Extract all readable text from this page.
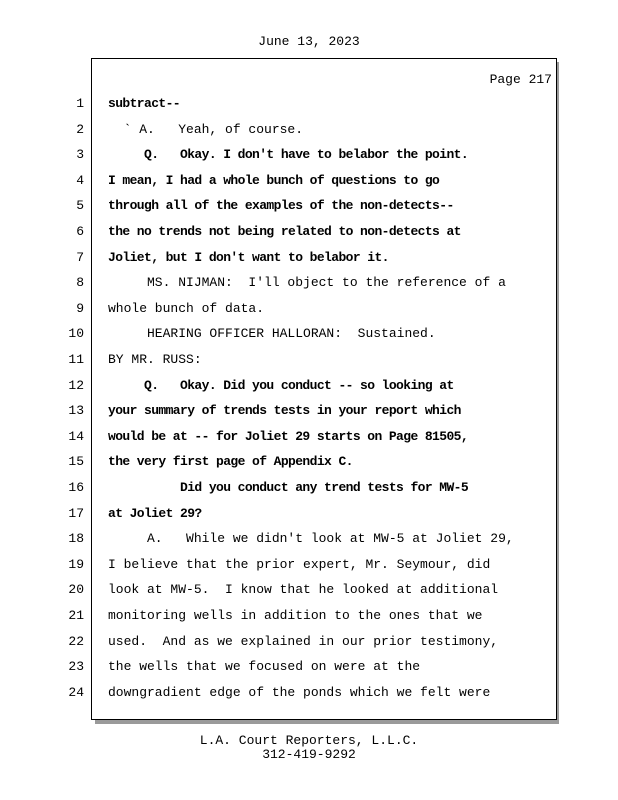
June 13, 2023
Page 217
1 subtract--
2 ` A.   Yeah, of course.
3 Q.   Okay. I don't have to belabor the point.
4 I mean, I had a whole bunch of questions to go
5 through all of the examples of the non-detects--
6 the no trends not being related to non-detects at
7 Joliet, but I don't want to belabor it.
8 MS. NIJMAN:  I'll object to the reference of a
9 whole bunch of data.
10 HEARING OFFICER HALLORAN:  Sustained.
11 BY MR. RUSS:
12 Q.   Okay. Did you conduct -- so looking at
13 your summary of trends tests in your report which
14 would be at -- for Joliet 29 starts on Page 81505,
15 the very first page of Appendix C.
16 Did you conduct any trend tests for MW-5
17 at Joliet 29?
18 A.   While we didn't look at MW-5 at Joliet 29,
19 I believe that the prior expert, Mr. Seymour, did
20 look at MW-5.  I know that he looked at additional
21 monitoring wells in addition to the ones that we
22 used.  And as we explained in our prior testimony,
23 the wells that we focused on were at the
24 downgradient edge of the ponds which we felt were
L.A. Court Reporters, L.L.C.
312-419-9292
